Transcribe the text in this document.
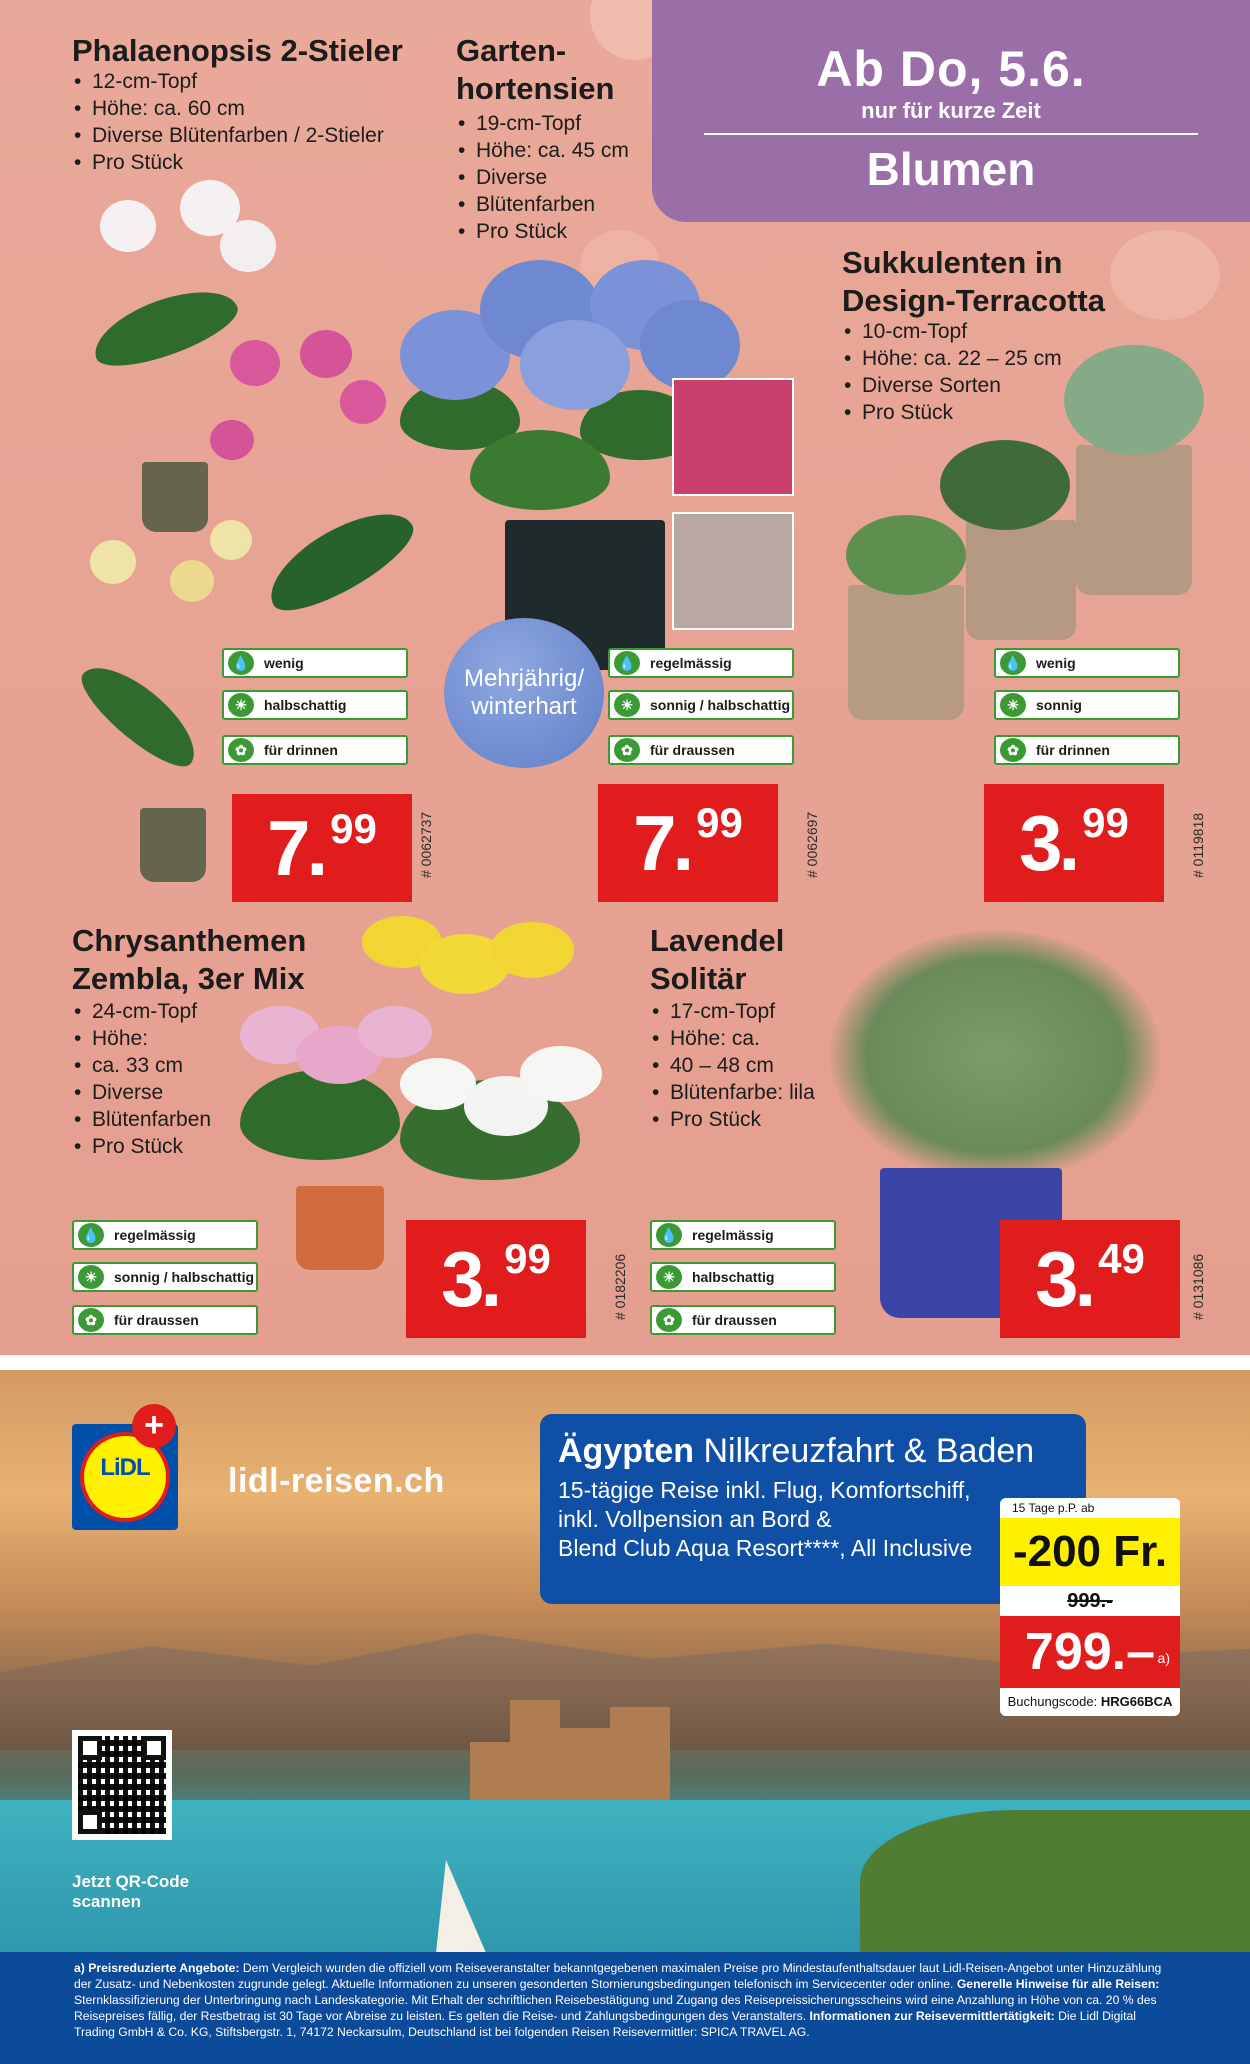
Ab Do, 5.6.
nur für kurze Zeit
Blumen
Phalaenopsis 2-Stieler
• 12-cm-Topf
• Höhe: ca. 60 cm
• Diverse Blütenfarben / 2-Stieler
• Pro Stück
💧	wenig
☀	halbschattig
✿	für drinnen
7
. 99	# 0062737
Garten-
hortensien
• 19-cm-Topf
• Höhe: ca. 45 cm
• Diverse
• Blütenfarben
• Pro Stück
Mehrjährig/
winterhart
💧	regelmässig
☀	sonnig / halbschattig
✿	für draussen
7
. 99	# 0062697
Sukkulenten in
Design-Terracotta
• 10-cm-Topf
• Höhe: ca. 22 – 25 cm
• Diverse Sorten
• Pro Stück
💧	wenig
☀	sonnig
✿	für drinnen
3
. 99	# 0119818
Chrysanthemen
Zembla, 3er Mix
• 24-cm-Topf
• Höhe:
• ca. 33 cm
• Diverse
• Blütenfarben
• Pro Stück
💧	regelmässig
☀	sonnig / halbschattig
✿	für draussen	3
. 99	# 0182206
Lavendel
Solitär
• 17-cm-Topf
• Höhe: ca.
• 40 – 48 cm
• Blütenfarbe: lila
• Pro Stück
💧	regelmässig
☀	halbschattig
✿	für draussen	3
. 49	# 0131086
LiDL
+
lidl-reisen.ch
Ägypten Nilkreuzfahrt & Baden
15-tägige Reise inkl. Flug, Komfortschiff,
inkl. Vollpension an Bord &
Blend Club Aqua Resort****, All Inclusive
15 Tage p.P. ab
-200 Fr.
999.-
799.– a)
Buchungscode: HRG66BCA
Jetzt QR-Code scannen
a) Preisreduzierte Angebote: Dem Vergleich wurden die offiziell vom Reiseveranstalter bekanntgegebenen maximalen Preise pro Mindestaufenthaltsdauer laut Lidl-Reisen-Angebot unter Hinzuzählung der Zusatz- und Nebenkosten zugrunde gelegt. Aktuelle Informationen zu unseren gesonderten Stornierungsbedingungen telefonisch im Servicecenter oder online. Generelle Hinweise für alle Reisen: Sternklassifizierung der Unterbringung nach Landeskategorie. Mit Erhalt der schriftlichen Reisebestätigung und Zugang des Reisepreissicherungsscheins wird eine Anzahlung in Höhe von ca. 20 % des Reisepreises fällig, der Restbetrag ist 30 Tage vor Abreise zu leisten. Es gelten die Reise- und Zahlungsbedingungen des Veranstalters. Informationen zur Reisevermittlertätigkeit: Die Lidl Digital Trading GmbH & Co. KG, Stiftsbergstr. 1, 74172 Neckarsulm, Deutschland ist bei folgenden Reisen Reisevermittler: SPICA TRAVEL AG.
